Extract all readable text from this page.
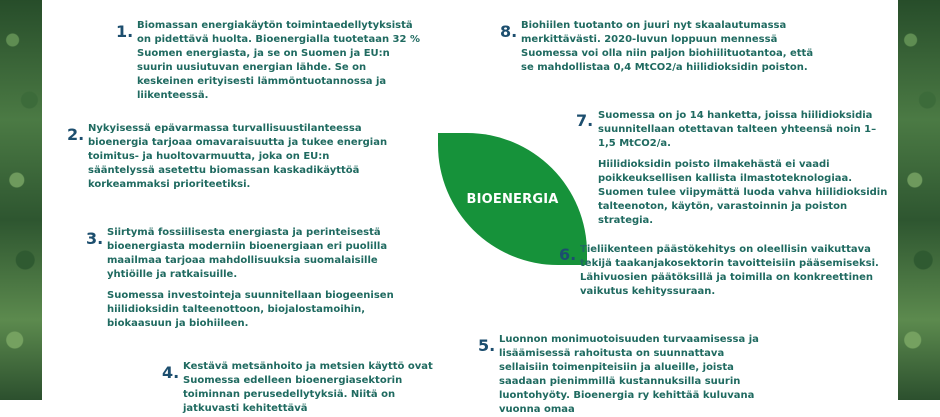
1. Biomassan energiakäytön toimintaedellytyksistä on pidettävä huolta. Bioenergialla tuotetaan 32 % Suomen energiasta, ja se on Suomen ja EU:n suurin uusiutuvan energian lähde. Se on keskeinen erityisesti lämmöntuotannossa ja liikenteessä.

2. Nykyisessä epävarmassa turvallisuustilanteessa bioenergia tarjoaa omavaraisuutta ja tukee energian toimitus- ja huoltovarmuutta, joka on EU:n sääntelyssä asetettu biomassan kaskadikäyttöä korkeammaksi prioriteetiksi.

3. Siirtymä fossiilisesta energiasta ja perinteisestä bioenergiasta moderniin bioenergiaan eri puolilla maailmaa tarjoaa mahdollisuuksia suomalaisille yhtiöille ja ratkaisuille.

Suomessa investointeja suunnitellaan biogeenisen hiilidioksidin talteenottoon, biojalostamoihin, biokaasuun ja biohiileen.

4. Kestävä metsänhoito ja metsien käyttö ovat Suomessa edelleen bioenergiasektorin toiminnan perusedellytyksiä. Niitä on jatkuvasti kehitettävä

BIOENERGIA
8. Biohiilen tuotanto on juuri nyt skaalautumassa merkittävästi. 2020-luvun loppuun mennessä Suomessa voi olla niin paljon biohiilituotantoa, että se mahdollistaa 0,4 MtCO2/a hiilidioksidin poiston.

7. Suomessa on jo 14 hanketta, joissa hiilidioksidia suunnitellaan otettavan talteen yhteensä noin 1–1,5 MtCO2/a.

Hiilidioksidin poisto ilmakehästä ei vaadi poikkeuksellisen kallista ilmastoteknologiaa. Suomen tulee viipymättä luoda vahva hiilidioksidin talteenoton, käytön, varastoinnin ja poiston strategia.

6. Tieliikenteen päästökehitys on oleellisin vaikuttava tekijä taakanjakosektorin tavoitteisiin pääsemiseksi. Lähivuosien päätöksillä ja toimilla on konkreettinen vaikutus kehityssuraan.

5. Luonnon monimuotoisuuden turvaamisessa ja lisäämisessä rahoitusta on suunnattava sellaisiin toimenpiteisiin ja alueille, joista saadaan pienimmillä kustannuksilla suurin luontohyöty. Bioenergia ry kehittää kuluvana vuonna omaa
